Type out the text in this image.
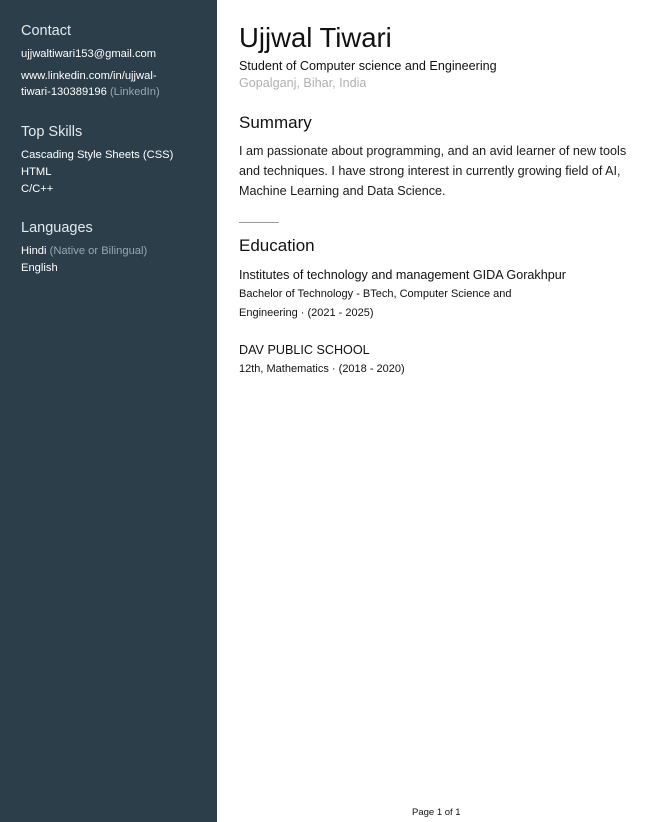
Contact
ujjwaltiwari153@gmail.com
www.linkedin.com/in/ujjwal-
tiwari-130389196 (LinkedIn)
Top Skills
Cascading Style Sheets (CSS)
HTML
C/C++
Languages
Hindi (Native or Bilingual)
English
Ujjwal Tiwari
Student of Computer science and Engineering
Gopalganj, Bihar, India
Summary
I am passionate about programming, and an avid learner of new tools and techniques. I have strong interest in currently growing field of AI, Machine Learning and Data Science.
Education
Institutes of technology and management GIDA Gorakhpur
Bachelor of Technology - BTech, Computer Science and Engineering · (2021 - 2025)
DAV PUBLIC SCHOOL
12th, Mathematics · (2018 - 2020)
Page 1 of 1
